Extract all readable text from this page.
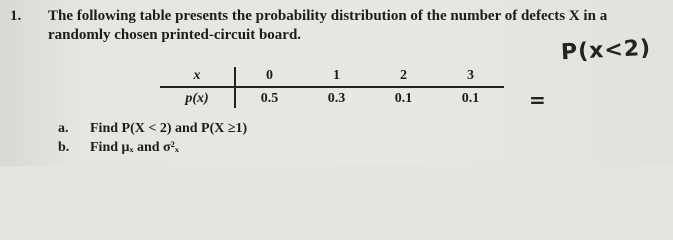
1. The following table presents the probability distribution of the number of defects X in a
randomly chosen printed-circuit board.
P(x<2)
=
x	0	1	2	3
p(x)	0.5	0.3	0.1	0.1
a. Find P(X < 2) and P(X ≥1)
b. Find μₓ and σ²ₓ
